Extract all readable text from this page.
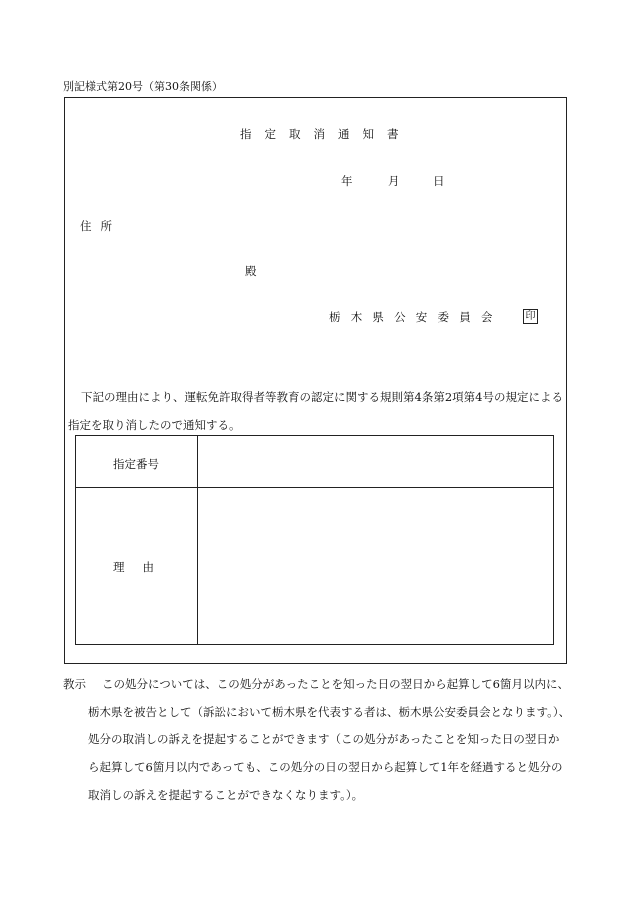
別記様式第20号（第30条関係）
指定取消通知書
年	月	日
住所
殿
栃木県公安委員会 印
下記の理由により、運転免許取得者等教育の認定に関する規則第4条第2項第4号の規定による
指定を取り消したので通知する。
指定番号
理由
教示 この処分については、この処分があったことを知った日の翌日から起算して6箇月以内に、
栃木県を被告として（訴訟において栃木県を代表する者は、栃木県公安委員会となります。）、
処分の取消しの訴えを提起することができます（この処分があったことを知った日の翌日か
ら起算して6箇月以内であっても、この処分の日の翌日から起算して1年を経過すると処分の
取消しの訴えを提起することができなくなります。）。
